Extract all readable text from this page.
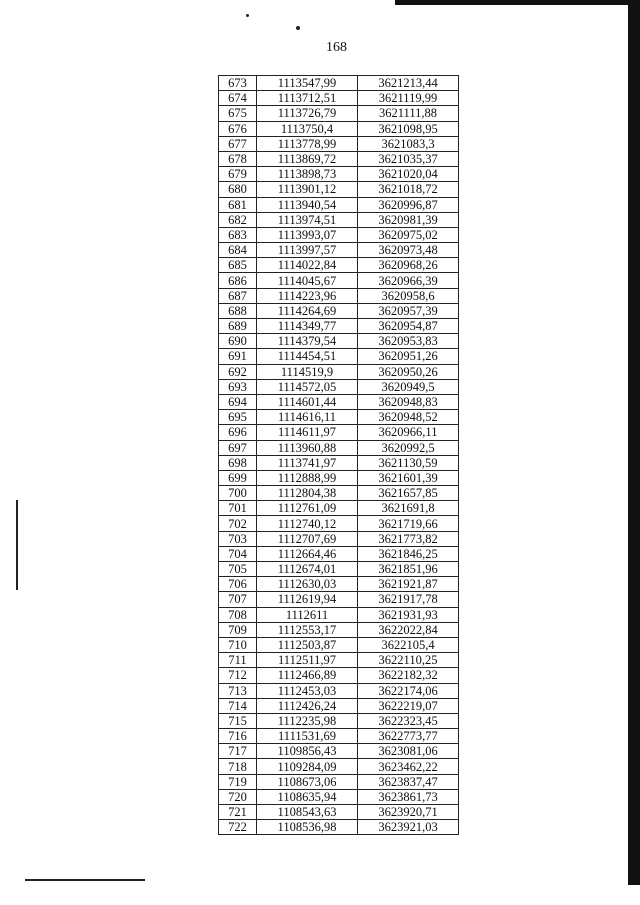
168
673	1113547,99	3621213,44
674	1113712,51	3621119,99
675	1113726,79	3621111,88
676	1113750,4	3621098,95
677	1113778,99	3621083,3
678	1113869,72	3621035,37
679	1113898,73	3621020,04
680	1113901,12	3621018,72
681	1113940,54	3620996,87
682	1113974,51	3620981,39
683	1113993,07	3620975,02
684	1113997,57	3620973,48
685	1114022,84	3620968,26
686	1114045,67	3620966,39
687	1114223,96	3620958,6
688	1114264,69	3620957,39
689	1114349,77	3620954,87
690	1114379,54	3620953,83
691	1114454,51	3620951,26
692	1114519,9	3620950,26
693	1114572,05	3620949,5
694	1114601,44	3620948,83
695	1114616,11	3620948,52
696	1114611,97	3620966,11
697	1113960,88	3620992,5
698	1113741,97	3621130,59
699	1112888,99	3621601,39
700	1112804,38	3621657,85
701	1112761,09	3621691,8
702	1112740,12	3621719,66
703	1112707,69	3621773,82
704	1112664,46	3621846,25
705	1112674,01	3621851,96
706	1112630,03	3621921,87
707	1112619,94	3621917,78
708	1112611	3621931,93
709	1112553,17	3622022,84
710	1112503,87	3622105,4
711	1112511,97	3622110,25
712	1112466,89	3622182,32
713	1112453,03	3622174,06
714	1112426,24	3622219,07
715	1112235,98	3622323,45
716	1111531,69	3622773,77
717	1109856,43	3623081,06
718	1109284,09	3623462,22
719	1108673,06	3623837,47
720	1108635,94	3623861,73
721	1108543,63	3623920,71
722	1108536,98	3623921,03
